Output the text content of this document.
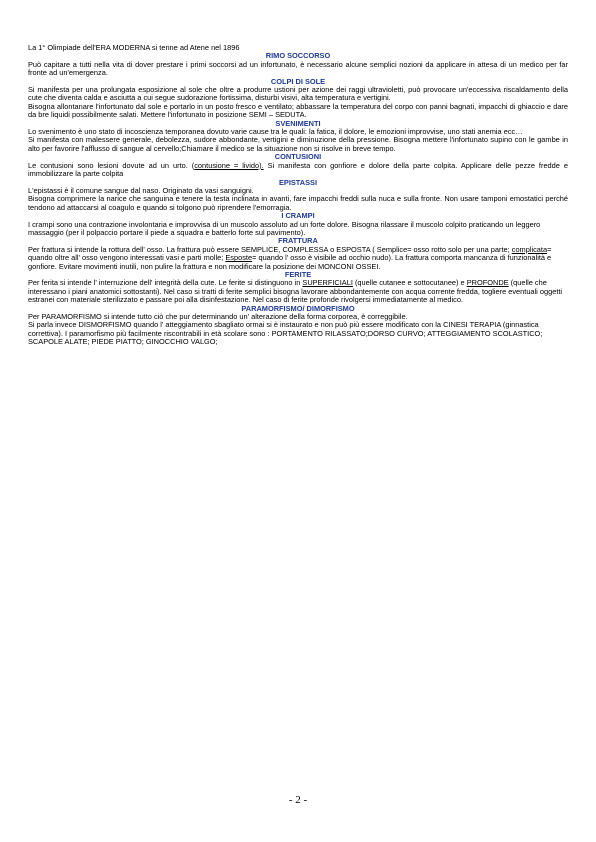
La 1° Olimpiade dell'ERA MODERNA si tenne ad Atene nel 1896

RIMO SOCCORSO

Può capitare a tutti nella vita di dover prestare i primi soccorsi ad un infortunato, è necessario alcune semplici nozioni da applicare in attesa di un medico per far fronte ad un'emergenza.

COLPI DI SOLE

Si manifesta per una prolungata esposizione al sole che oltre a produrre ustioni per azione dei raggi ultravioletti, può provocare un'eccessiva riscaldamento della cute che diventa calda e asciutta a cui segue sudorazione fortissima, disturbi visivi, alta temperatura e vertigini.

Bisogna allontanare l'infortunato dal sole e portarlo in un posto fresco e ventilato; abbassare la temperatura del corpo con panni bagnati, impacchi di ghiaccio e dare da bre liquidi possibilmente salati. Mettere l'infortunato in posizione SEMI – SEDUTA.

SVENIMENTI

Lo svenimento è uno stato di incoscienza temporanea dovuto varie cause tra le quali: la fatica, il dolore, le emozioni improvvise, uno stati anemia ecc…

Si manifesta con malessere generale, debolezza, sudore abbondante, vertigini e diminuzione della pressione. Bisogna mettere l'infortunato supino con le gambe in alto per favorire l'afflusso di sangue al cervello;Chiamare il medico se la situazione non si risolve in breve tempo.

CONTUSIONI

Le contusioni sono lesioni dovute ad un urto. (contusione = livido). Si manifesta con gonfiore e dolore della parte colpita. Applicare delle pezze fredde e immobilizzare la parte colpita

EPISTASSI

L'epistassi è il comune sangue dal naso. Originato da vasi sanguigni.

Bisogna comprimere la narice che sanguina e tenere la testa inclinata in avanti, fare impacchi freddi sulla nuca e sulla fronte. Non usare tamponi emostatici perché tendono ad attaccarsi al coagulo e quando si tolgono può riprendere l'emorragia.

I CRAMPI

I crampi sono una contrazione involontaria e improvvisa di un muscolo assoluto ad un forte dolore. Bisogna rilassare il muscolo colpito praticando un leggero massaggio (per il polpaccio portare il piede a squadra e batterlo forte sul pavimento).

FRATTURA

Per frattura si intende la rottura dell' osso. La frattura può essere SEMPLICE, COMPLESSA o ESPOSTA ( Semplice= osso rotto solo per una parte; complicata= quando oltre all' osso vengono interessati vasi e parti molle; Esposte= quando l' osso è visibile ad occhio nudo). La frattura comporta mancanza di funzionalità e gonfiore. Evitare movimenti inutili, non pulire la frattura e non modificare la posizione dei MONCONI OSSEI.

FERITE

Per ferita si intende l' interruzione dell' integrità della cute. Le ferite si distinguono in SUPERFICIALI (quelle cutanee e sottocutanee) e PROFONDE (quelle che interessano i piani anatomici sottostanti). Nel caso si tratti di ferite semplici bisogna lavorare abbondantemente con acqua corrente fredda, togliere eventuali oggetti estranei con materiale sterilizzato e passare poi alla disinfestazione. Nel caso di ferite profonde rivolgersi immediatamente al medico.

PARAMORFISMO/ DIMORFISMO

Per PARAMORFISMO si intende tutto ciò che pur determinando un' alterazione della forma corporea, è correggibile.

Si parla invece DISMORFISMO quando l' atteggiamento sbagliato ormai si è instaurato e non può più essere modificato con la CINESI TERAPIA (ginnastica correttiva). I paramorfismo più facilmente riscontrabili in età scolare sono : PORTAMENTO RILASSATO;DORSO CURVO; ATTEGGIAMENTO SCOLASTICO; SCAPOLE ALATE; PIEDE PIATTO; GINOCCHIO VALGO;

- 2 -
